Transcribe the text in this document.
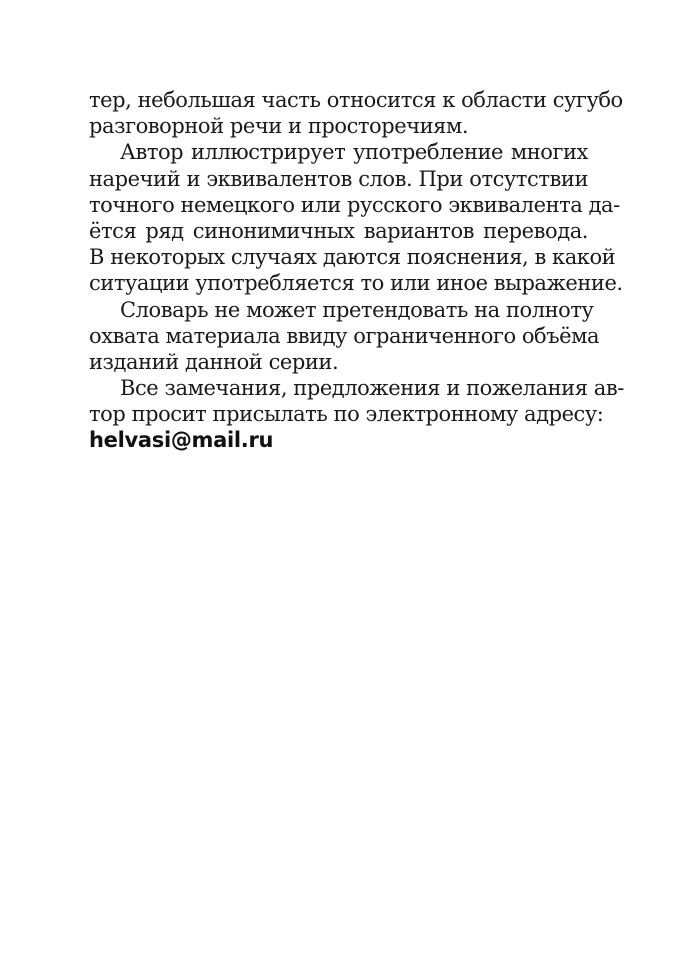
тер, небольшая часть относится к области сугубо
разговорной речи и просторечиям.
Автор иллюстрирует употребление многих
наречий и эквивалентов слов. При отсутствии
точного немецкого или русского эквивалента да-
ётся ряд синонимичных вариантов перевода.
В некоторых случаях даются пояснения, в какой
ситуации употребляется то или иное выражение.
Словарь не может претендовать на полноту
охвата материала ввиду ограниченного объёма
изданий данной серии.
Все замечания, предложения и пожелания ав-
тор просит присылать по электронному адресу:
helvasi@mail.ru
